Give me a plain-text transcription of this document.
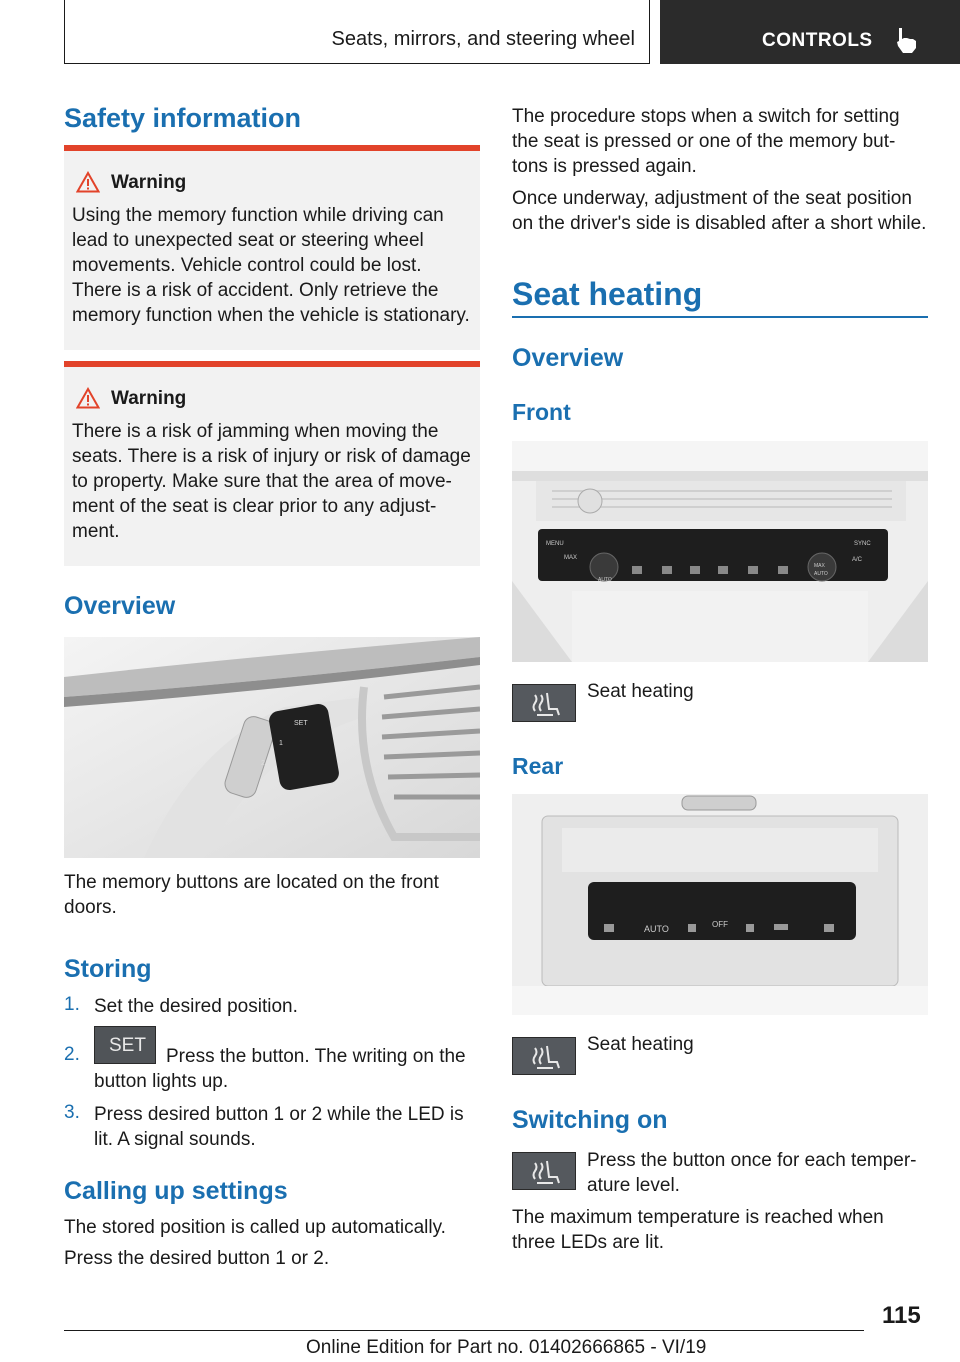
Seats, mirrors, and steering wheel	CONTROLS
Safety information
Warning
Using the memory function while driving can lead to unexpected seat or steering wheel movements. Vehicle control could be lost. There is a risk of accident. Only retrieve the memory function when the vehicle is stationary.
Warning
There is a risk of jamming when moving the seats. There is a risk of injury or risk of damage to property. Make sure that the area of move-ment of the seat is clear prior to any adjust-ment.
Overview
SET
1
2
The memory buttons are located on the front doors.
Storing
1. Set the desired position.
2. SET
Press the button. The writing on the button lights up.
3. Press desired button 1 or 2 while the LED is lit. A signal sounds.
Calling up settings
The stored position is called up automatically.
Press the desired button 1 or 2.
The procedure stops when a switch for setting the seat is pressed or one of the memory but-tons is pressed again.
Once underway, adjustment of the seat position on the driver's side is disabled after a short while.
Seat heating
Overview
Front
MENU
MAX
AUTO
SYNC
A/C
MAX
AUTO
Seat heating
Rear
AUTO	OFF
Seat heating
Switching on
Press the button once for each temper-ature level.
The maximum temperature is reached when three LEDs are lit.
115
Online Edition for Part no. 01402666865 - VI/19
